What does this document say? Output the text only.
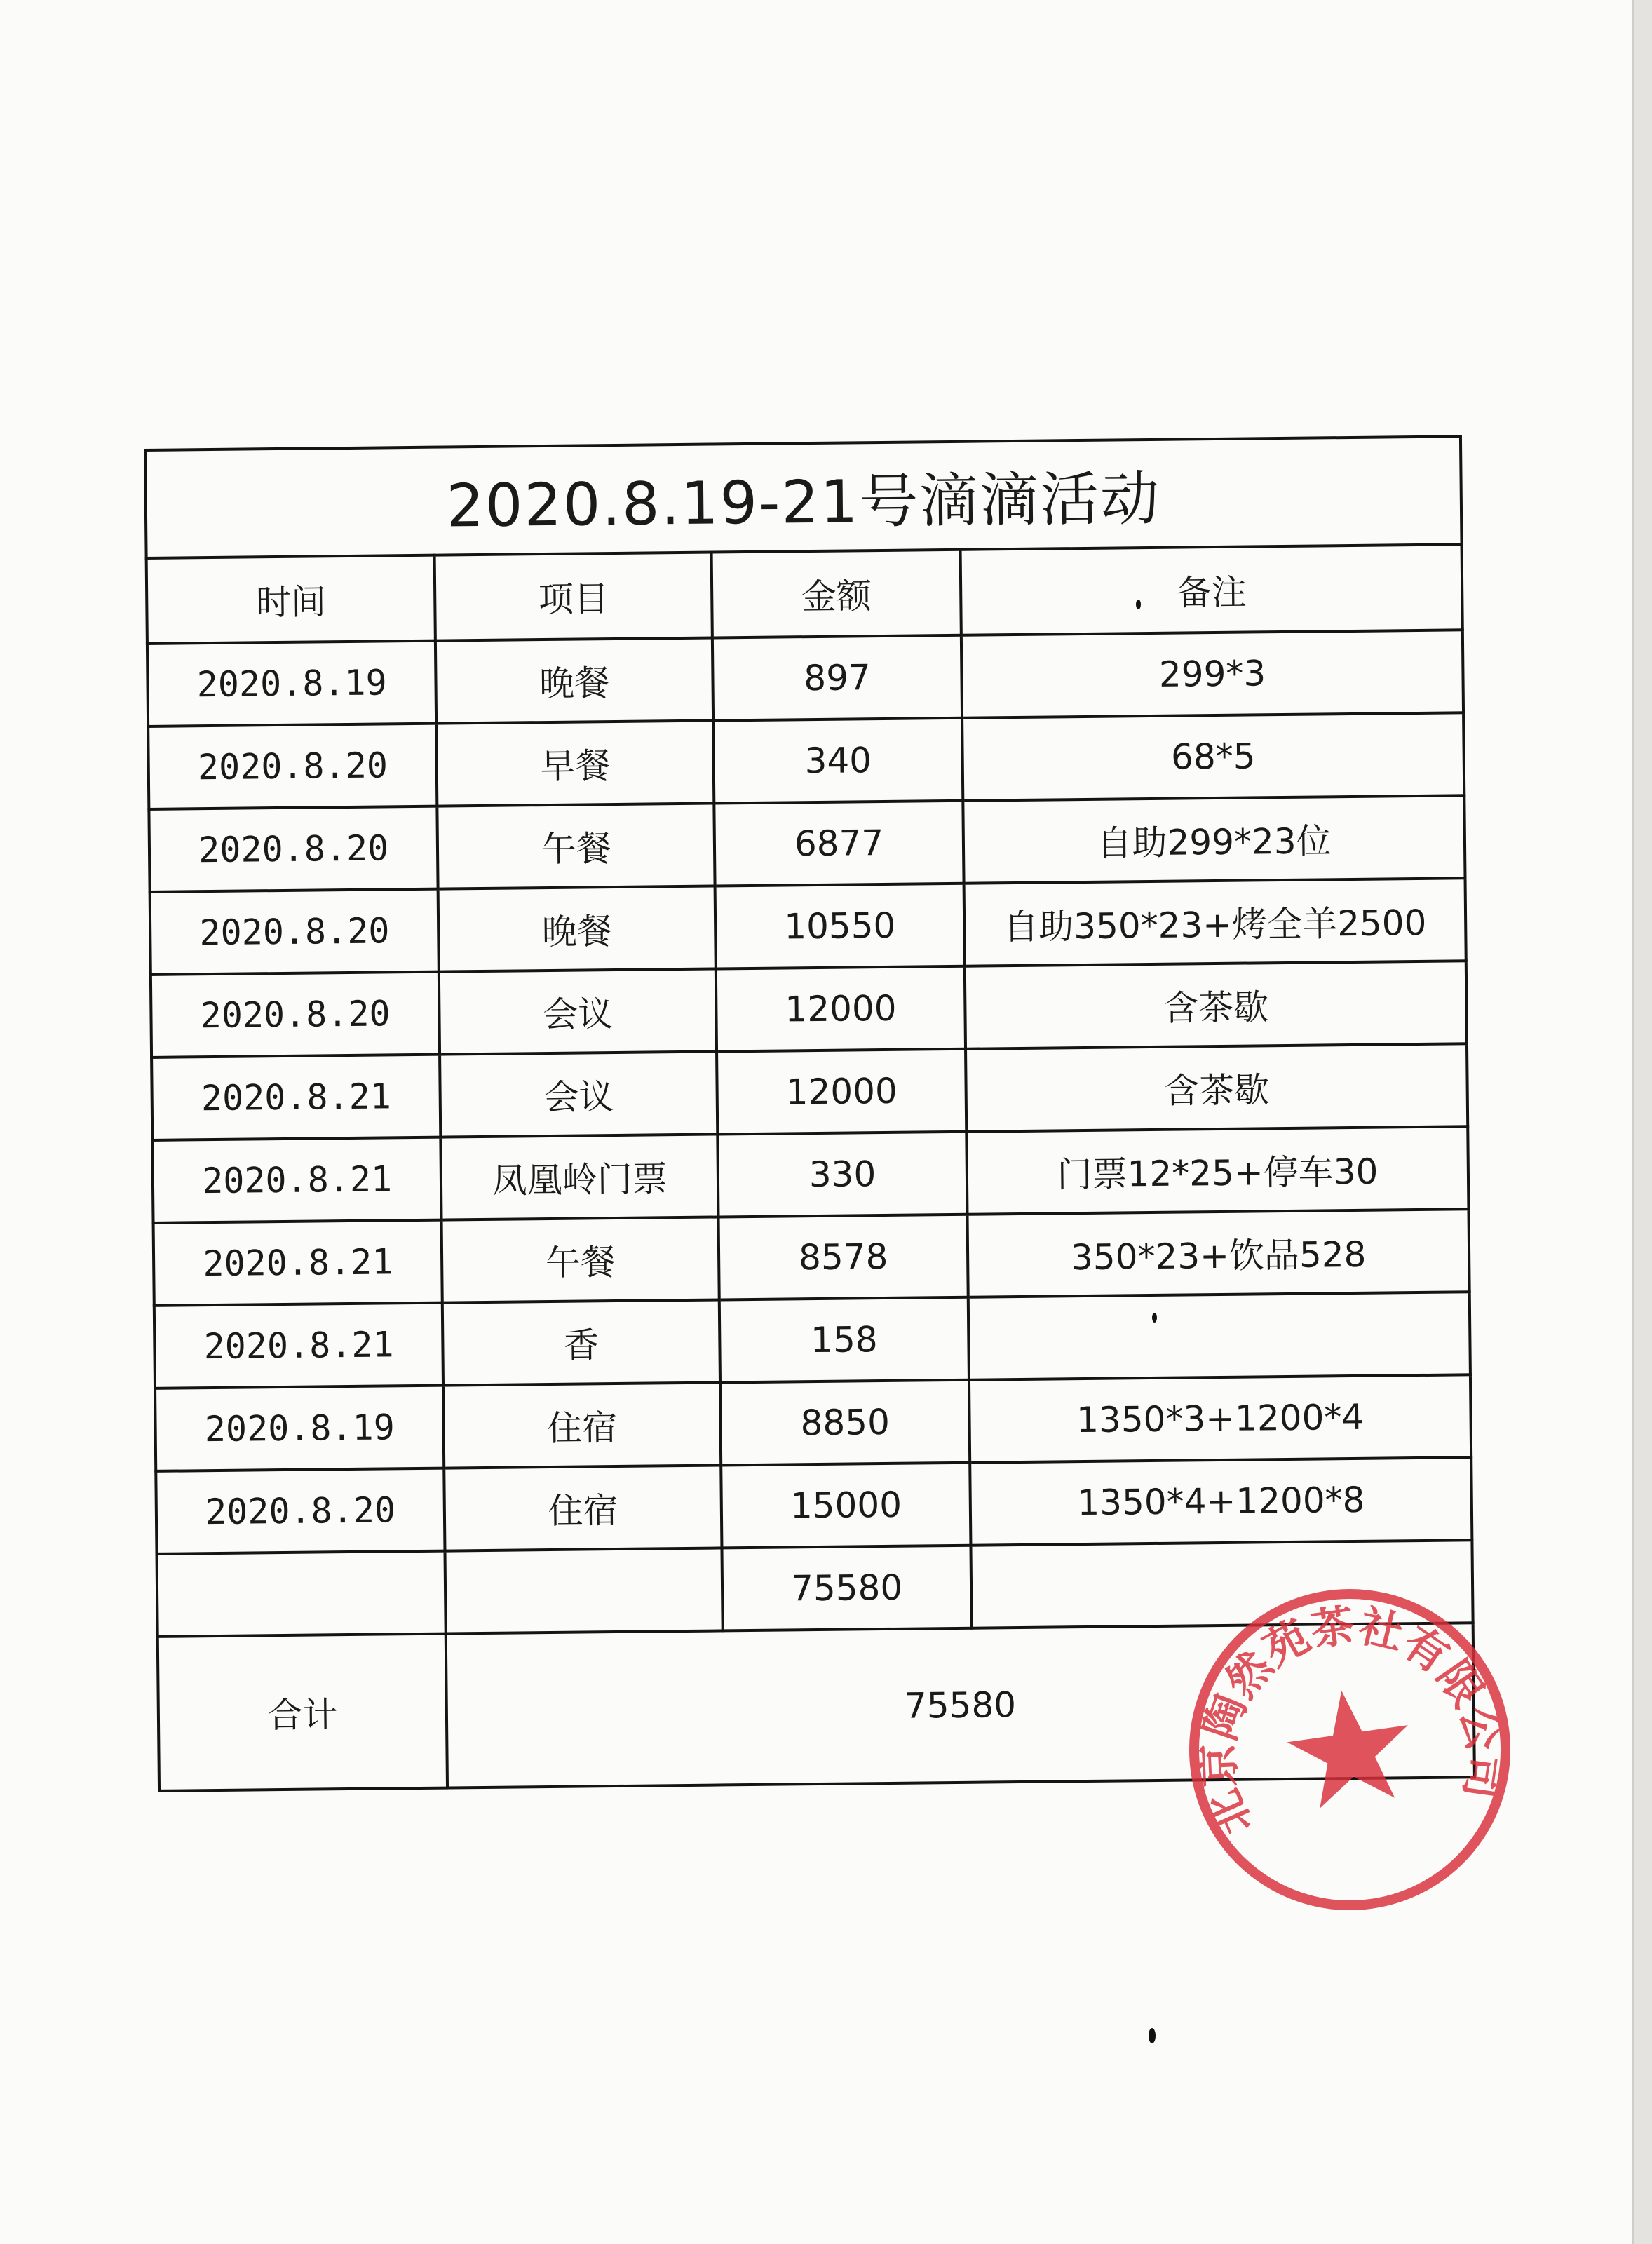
2020.8.19-21号滴滴活动			
时间	项目	金额	备注
2020.8.19	晚餐	897	299*3
2020.8.20	早餐	340	68*5
2020.8.20	午餐	6877	自助299*23位
2020.8.20	晚餐	10550	自助350*23+烤全羊2500
2020.8.20	会议	12000	含茶歇
2020.8.21	会议	12000	含茶歇
2020.8.21	凤凰岭门票	330	门票12*25+停车30
2020.8.21	午餐	8578	350*23+饮品528
2020.8.21	香	158	
2020.8.19	住宿	8850	1350*3+1200*4
2020.8.20	住宿	15000	1350*4+1200*8
		75580	
合计	75580		
北京陶然苑茶社有限公司
